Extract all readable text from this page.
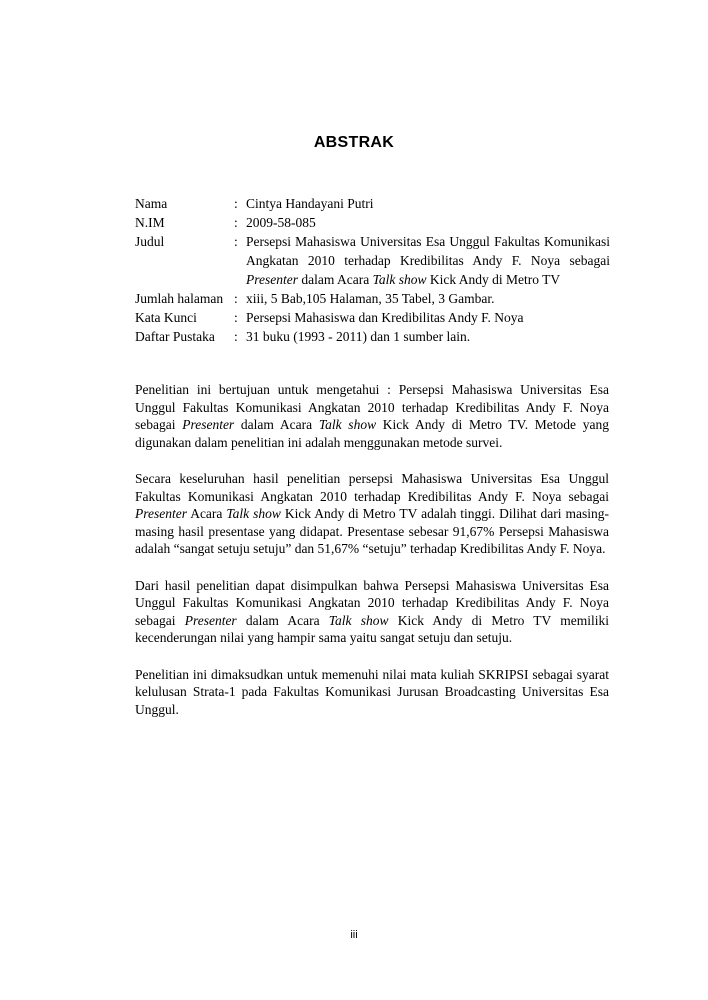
ABSTRAK
Nama	: Cintya Handayani Putri
N.IM	: 2009-58-085
Judul	: Persepsi Mahasiswa Universitas Esa Unggul Fakultas Komunikasi Angkatan 2010 terhadap Kredibilitas Andy F. Noya sebagai Presenter dalam Acara Talk show Kick Andy di Metro TV
Jumlah halaman : xiii, 5 Bab,105 Halaman, 35 Tabel, 3 Gambar.
Kata Kunci	: Persepsi Mahasiswa dan Kredibilitas Andy F. Noya
Daftar Pustaka	: 31 buku (1993 - 2011) dan 1 sumber lain.

Penelitian ini bertujuan untuk mengetahui : Persepsi Mahasiswa Universitas Esa Unggul Fakultas Komunikasi Angkatan 2010 terhadap Kredibilitas Andy F. Noya sebagai Presenter dalam Acara Talk show Kick Andy di Metro TV. Metode yang digunakan dalam penelitian ini adalah menggunakan metode survei.

Secara keseluruhan hasil penelitian persepsi Mahasiswa Universitas Esa Unggul Fakultas Komunikasi Angkatan 2010 terhadap Kredibilitas Andy F. Noya sebagai Presenter Acara Talk show Kick Andy di Metro TV adalah tinggi. Dilihat dari masing-masing hasil presentase yang didapat. Presentase sebesar 91,67% Persepsi Mahasiswa adalah “sangat setuju setuju” dan 51,67% “setuju” terhadap Kredibilitas Andy F. Noya.

Dari hasil penelitian dapat disimpulkan bahwa Persepsi Mahasiswa Universitas Esa Unggul Fakultas Komunikasi Angkatan 2010 terhadap Kredibilitas Andy F. Noya sebagai Presenter dalam Acara Talk show Kick Andy di Metro TV memiliki kecenderungan nilai yang hampir sama yaitu sangat setuju dan setuju.

Penelitian ini dimaksudkan untuk memenuhi nilai mata kuliah SKRIPSI sebagai syarat kelulusan Strata-1 pada Fakultas Komunikasi Jurusan Broadcasting Universitas Esa Unggul.

iii
